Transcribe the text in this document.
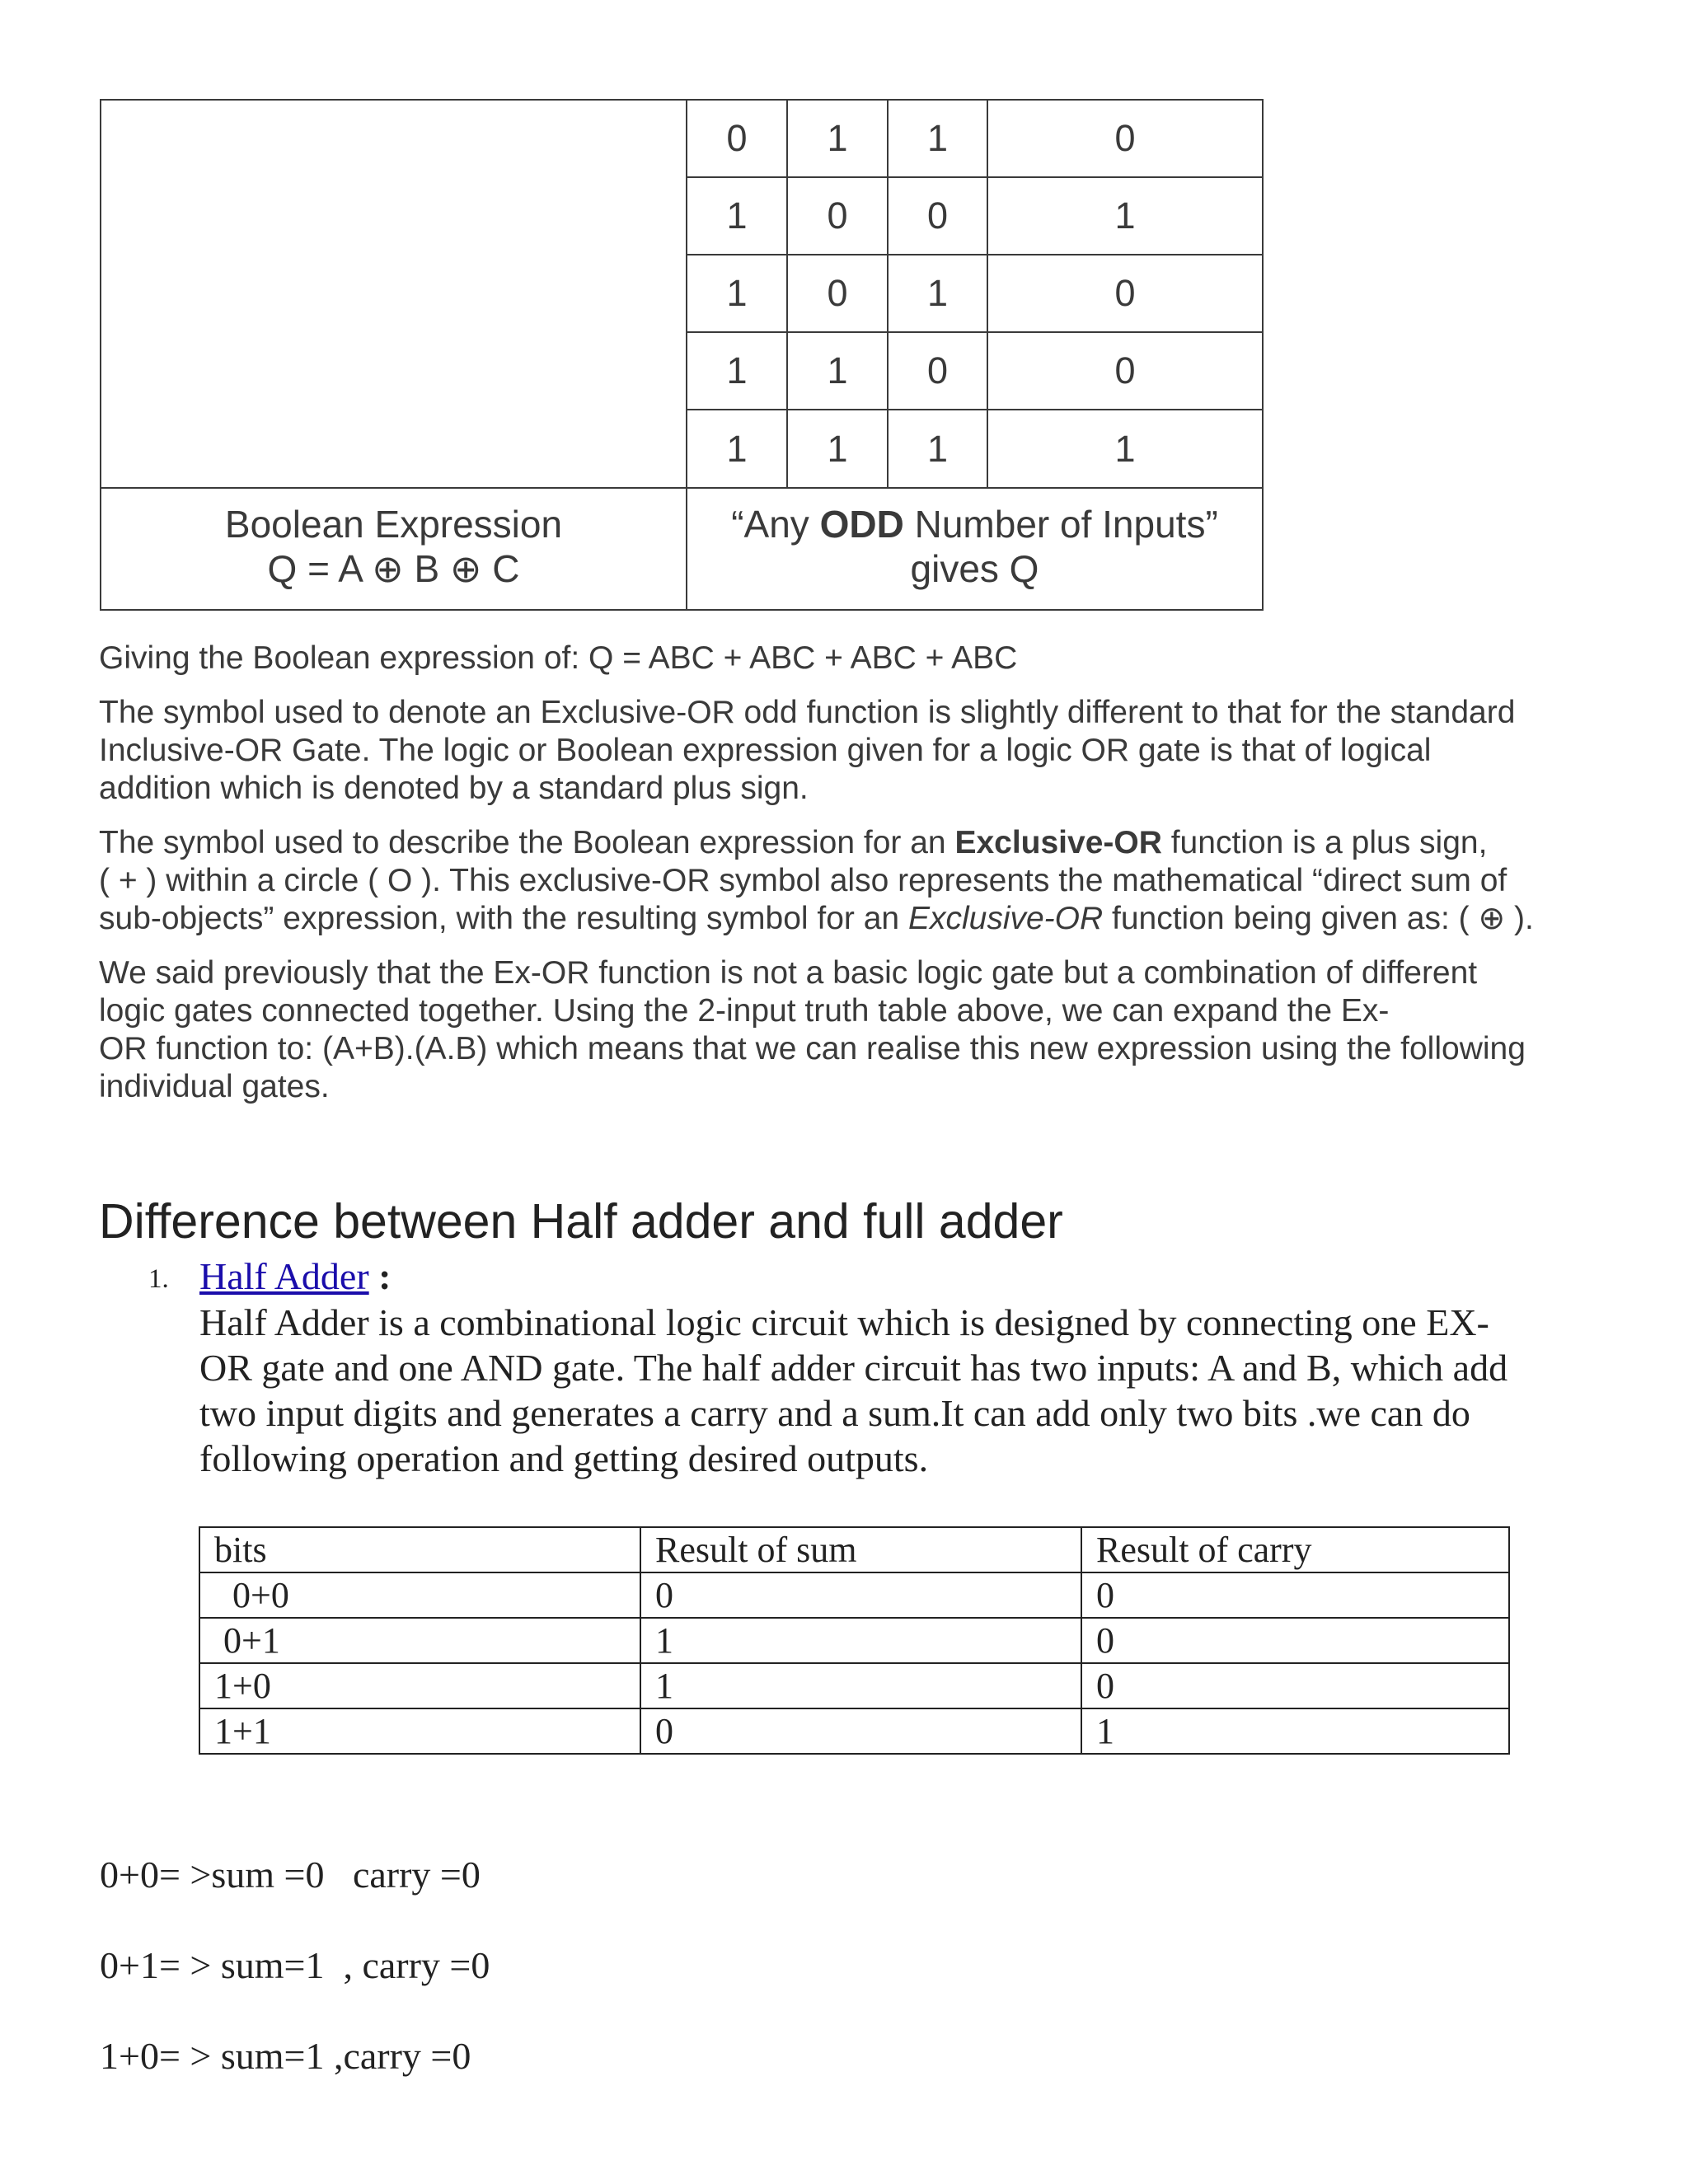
0	1	1	0
1	0	0	1
1	0	1	0
1	1	0	0
1	1	1	1
Boolean Expression
Q = A ⊕ B ⊕ C
“Any ODD Number of Inputs”
gives Q

Giving the Boolean expression of: Q = ABC + ABC + ABC + ABC

The symbol used to denote an Exclusive-OR odd function is slightly different to that for the standard
Inclusive-OR Gate. The logic or Boolean expression given for a logic OR gate is that of logical
addition which is denoted by a standard plus sign.

The symbol used to describe the Boolean expression for an Exclusive-OR function is a plus sign,
( + ) within a circle ( O ). This exclusive-OR symbol also represents the mathematical “direct sum of
sub-objects” expression, with the resulting symbol for an Exclusive-OR function being given as: ( ⊕ ).

We said previously that the Ex-OR function is not a basic logic gate but a combination of different
logic gates connected together. Using the 2-input truth table above, we can expand the Ex-
OR function to: (A+B).(A.B) which means that we can realise this new expression using the following
individual gates.

Difference between Half adder and full adder
1. Half Adder :
Half Adder is a combinational logic circuit which is designed by connecting one EX-
OR gate and one AND gate. The half adder circuit has two inputs: A and B, which add
two input digits and generates a carry and a sum.It can add only two bits .we can do
following operation and getting desired outputs.
bits	Result of sum	Result of carry
0+0	0	0
0+1	1	0
1+0	1	0
1+1	0	1

0+0= >sum =0   carry =0

0+1= > sum=1  , carry =0

1+0= > sum=1 ,carry =0
